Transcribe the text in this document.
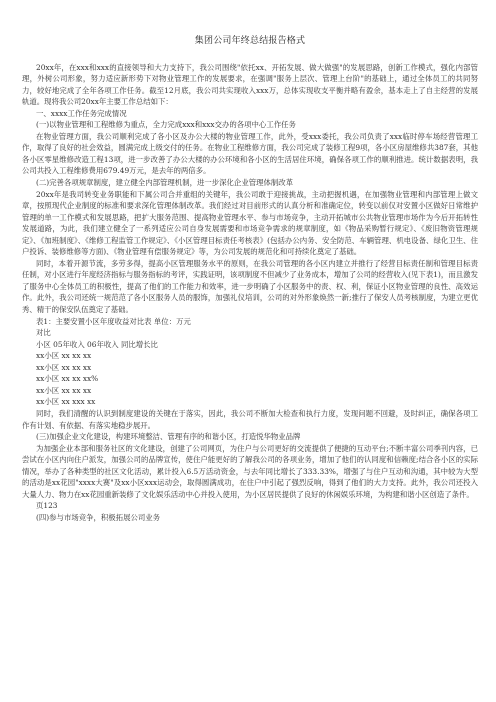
集团公司年终总结报告格式

20xx年，在xxx和xxx的直接领导和大力支持下，我公司围绕"依托xx、开拓发展、做大做强"的发展思路，创新工作模式，强化内部管理，外树公司形象，努力适应新形势下对物业管理工作的发展要求，在强调"服务上层次、管理上台阶"的基础上，通过全体员工的共同努力，较好地完成了全年各项工作任务。截至12月底，我公司共实现收入xxx万，总体实现收支平衡并略有盈余，基本走上了自主经营的发展轨道。现将我公司20xx年主要工作总结如下：

一、xxxx工作任务完成情况

(一)以物业管理和工程维修为重点，全力完成xxx和xxx交办的各项中心工作任务

在物业管理方面，我公司顺利完成了各小区及办公大楼的物业管理工作，此外，受xxx委托，我公司负责了xxx临时停车场经营管理工作，取得了良好的社会效益，圆满完成上级交付的任务。在物业工程维修方面，我公司完成了装修工程9项，各小区房屋维修共387套，其他各小区零星维修改造工程13项，进一步改善了办公大楼的办公环境和各小区的生活居住环境，确保各项工作的顺利推进。统计数据表明，我公司共投入工程维修费用679.49万元，是去年的两倍多。

(二)完善各项规章制度，建立健全内部管理机制，进一步深化企业管理体制改革

20xx年是我司转变业务职能和下属公司合并重组的关键年，我公司敢于迎接挑战，主动把握机遇，在加强物业管理和内部管理上做文章，按照现代企业制度的标准和要求深化管理体制改革。我们经过对目前形式的认真分析和准确定位，转变以前仅对安置小区做好日常维护管理的单一工作模式和发展思路，把扩大服务范围、提高物业管理水平、参与市场竞争，主动开拓城市公共物业管理市场作为今后开拓转性发展道路，为此，我们建立健全了一系列适应公司自身发展需要和市场竞争需求的规章制度，如《物品采购暂行规定》、《废旧物资管理规定》、《加班制度》、《维修工程监管工作规定》、《小区管理目标责任考核表》(包括办公内务、安全防范、车辆管理、机电设备、绿化卫生、住户投诉、装修维修等方面)、《物业管理有偿服务规定》等，为公司发展的规范化和可持续化奠定了基础。

同时，本着开源节流，多劳多得，提高小区管理服务水平的原则，在我公司管理的各小区内建立并推行了经营目标责任制和管理目标责任制，对小区进行年度经济指标与服务指标的考评，实践证明，该项制度不但减少了业务成本，增加了公司的经营收入(见下表1)，而且激发了服务中心全体员工的积极性，提高了他们的工作能力和效率，进一步明确了小区服务中的责、权、利，保证小区物业管理的良性、高效运作。此外，我公司还统一规范范了各小区服务人员的服饰，加强礼仪培训，公司的对外形象焕然一新;推行了保安人员考核制度，为建立更优秀、精干的保安队伍奠定了基础。

表1：主要安置小区年度收益对比表 单位：万元

对比

小区 05年收入 06年收入 同比增长比

xx小区 xx xx xx

xx小区 xx xx xx

xx小区 xx xx xx%

xx小区 xx xx xx

xx小区 xx xxx xx

同时，我们清醒的认识到制度建设的关键在于落实，因此，我公司不断加大检查和执行力度，发现问题不回避，及时纠正，确保各项工作有计划、有依据、有落实地稳步展开。

(三)加强企业文化建设，构建环境整洁、管理有序的和谐小区，打造悦华物业品牌

为加强企业本部和服务社区的文化建设，创建了公司网页，为住户与公司更好的交流提供了便捷的互动平台;不断丰富公司季刊内容，已尝试在小区内向住户派发，加强公司的品牌宣传，使住户能更好的了解我公司的各项业务，增加了他们的认同度和信赖度;结合各小区的实际情况，举办了各种类型的社区文化活动，累计投入6.5万活动资金，与去年同比增长了333.33%，增强了与住户互动和沟通，其中较为大型的活动是xx花园"xxxx大赛"及xx小区xxx运动会，取得圆满成功，在住户中引起了强烈反响，得到了他们的大力支持。此外，我公司还投入大量人力、物力在xx花园重新装修了文化娱乐活动中心并投入使用，为小区居民提供了良好的休闲娱乐环境，为构建和谐小区创造了条件。

页123

(四)参与市场竞争，积极拓展公司业务
